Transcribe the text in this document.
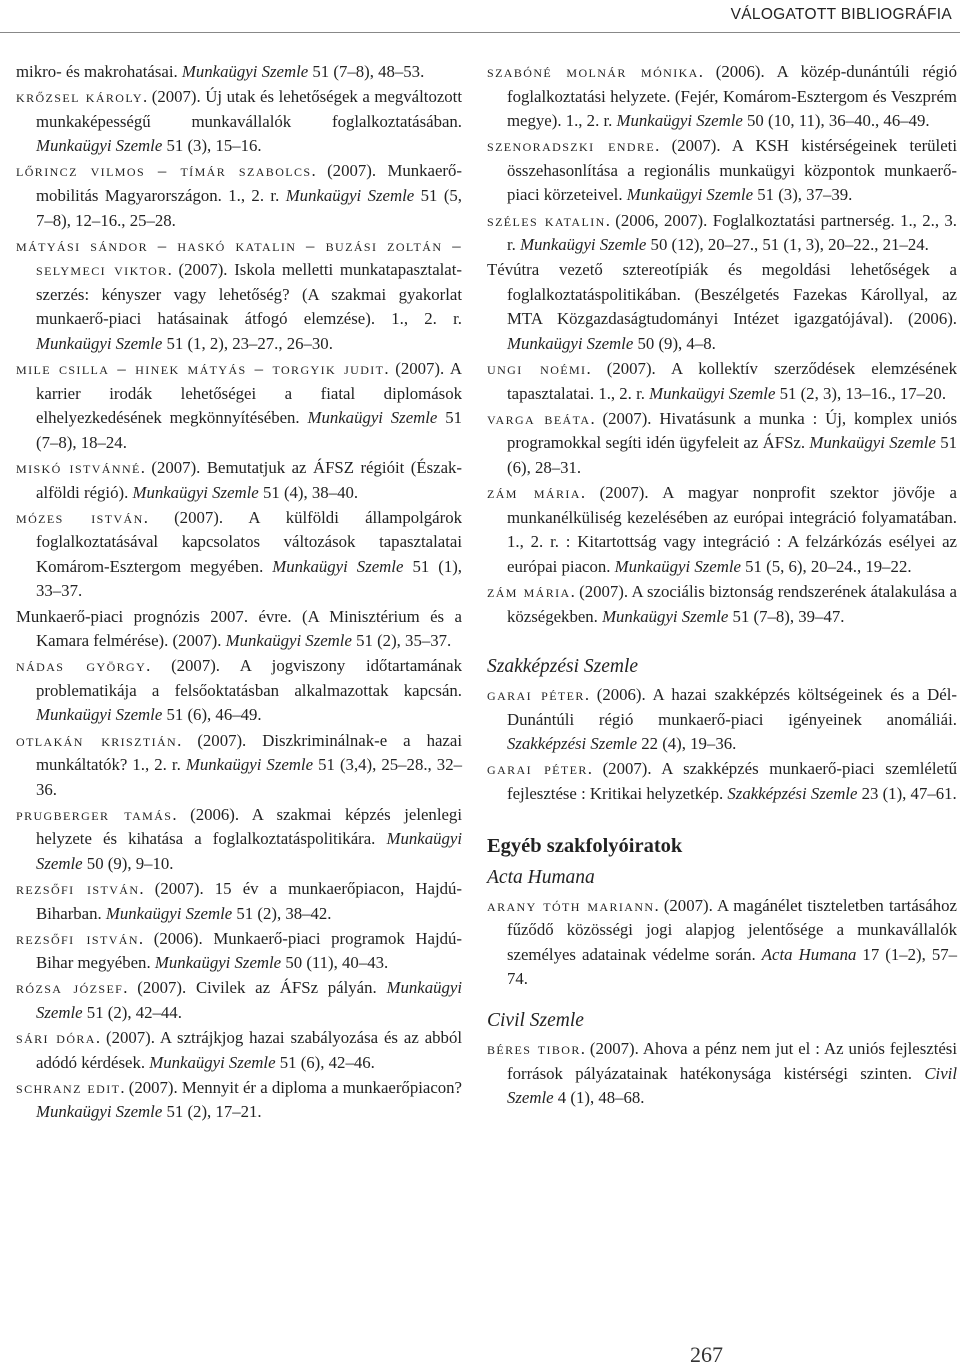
VÁLOGATOTT BIBLIOGRÁFIA

mikro- és makrohatásai. Munkaügyi Szemle 51 (7–8), 48–53.

krőzsel károly. (2007). Új utak és lehetőségek a megváltozott munkaképességű munkavállalók foglalkoztatásában. Munkaügyi Szemle 51 (3), 15–16.

lőrincz vilmos – tímár szabolcs. (2007). Munkaerő-mobilitás Magyarországon. 1., 2. r. Munkaügyi Szemle 51 (5, 7–8), 12–16., 25–28.

mátyási sándor – haskó katalin – buzási zoltán – selymeci viktor. (2007). Iskola melletti munkatapasztalat-szerzés: kényszer vagy lehetőség? (A szakmai gyakorlat munkaerő-piaci hatásainak átfogó elemzése). 1., 2. r. Munkaügyi Szemle 51 (1, 2), 23–27., 26–30.

mile csilla – hinek mátyás – torgyik judit. (2007). A karrier irodák lehetőségei a fiatal diplomások elhelyezkedésének megkönnyítésében. Munkaügyi Szemle 51 (7–8), 18–24.

miskó istvánné. (2007). Bemutatjuk az ÁFSZ régióit (Észak-alföldi régió). Munkaügyi Szemle 51 (4), 38–40.

mózes istván. (2007). A külföldi állampolgárok foglalkoztatásával kapcsolatos változások tapasztalatai Komárom-Esztergom megyében. Munkaügyi Szemle 51 (1), 33–37.

Munkaerő-piaci prognózis 2007. évre. (A Minisztérium és a Kamara felmérése). (2007). Munkaügyi Szemle 51 (2), 35–37.

nádas györgy. (2007). A jogviszony időtartamának problematikája a felsőoktatásban alkalmazottak kapcsán. Munkaügyi Szemle 51 (6), 46–49.

otlakán krisztián. (2007). Diszkriminálnak-e a hazai munkáltatók? 1., 2. r. Munkaügyi Szemle 51 (3,4), 25–28., 32–36.

prugberger tamás. (2006). A szakmai képzés jelenlegi helyzete és kihatása a foglalkoztatáspolitikára. Munkaügyi Szemle 50 (9), 9–10.

rezsőfi istván. (2007). 15 év a munkaerőpiacon, Hajdú-Biharban. Munkaügyi Szemle 51 (2), 38–42.

rezsőfi istván. (2006). Munkaerő-piaci programok Hajdú-Bihar megyében. Munkaügyi Szemle 50 (11), 40–43.

rózsa józsef. (2007). Civilek az ÁFSz pályán. Munkaügyi Szemle 51 (2), 42–44.

sári dóra. (2007). A sztrájkjog hazai szabályozása és az abból adódó kérdések. Munkaügyi Szemle 51 (6), 42–46.

schranz edit. (2007). Mennyit ér a diploma a munkaerőpiacon? Munkaügyi Szemle 51 (2), 17–21.

szabóné molnár mónika. (2006). A közép-dunántúli régió foglalkoztatási helyzete. (Fejér, Komárom-Esztergom és Veszprém megye). 1., 2. r. Munkaügyi Szemle 50 (10, 11), 36–40., 46–49.

szenoradszki endre. (2007). A KSH kistérségeinek területi összehasonlítása a regionális munkaügyi központok munkaerő-piaci körzeteivel. Munkaügyi Szemle 51 (3), 37–39.

széles katalin. (2006, 2007). Foglalkoztatási partnerség. 1., 2., 3. r. Munkaügyi Szemle 50 (12), 20–27., 51 (1, 3), 20–22., 21–24.

Tévútra vezető sztereotípiák és megoldási lehetőségek a foglalkoztatáspolitikában. (Beszélgetés Fazekas Károllyal, az MTA Közgazdaságtudományi Intézet igazgatójával). (2006). Munkaügyi Szemle 50 (9), 4–8.

ungi noémi. (2007). A kollektív szerződések elemzésének tapasztalatai. 1., 2. r. Munkaügyi Szemle 51 (2, 3), 13–16., 17–20.

varga beáta. (2007). Hivatásunk a munka : Új, komplex uniós programokkal segíti idén ügyfeleit az ÁFSz. Munkaügyi Szemle 51 (6), 28–31.

zám mária. (2007). A magyar nonprofit szektor jövője a munkanélküliség kezelésében az európai integráció folyamatában. 1., 2. r. : Kitartottság vagy integráció : A felzárkózás esélyei az európai piacon. Munkaügyi Szemle 51 (5, 6), 20–24., 19–22.

zám mária. (2007). A szociális biztonság rendszerének átalakulása a községekben. Munkaügyi Szemle 51 (7–8), 39–47.

Szakképzési Szemle

garai péter. (2006). A hazai szakképzés költségeinek és a Dél-Dunántúli régió munkaerő-piaci igényeinek anomáliái. Szakképzési Szemle 22 (4), 19–36.

garai péter. (2007). A szakképzés munkaerő-piaci szemléletű fejlesztése : Kritikai helyzetkép. Szakképzési Szemle 23 (1), 47–61.

Egyéb szakfolyóiratok
Acta Humana

arany tóth mariann. (2007). A magánélet tiszteletben tartásához fűződő közösségi jogi alapjog jelentősége a munkavállalók személyes adatainak védelme során. Acta Humana 17 (1–2), 57–74.

Civil Szemle

béres tibor. (2007). Ahova a pénz nem jut el : Az uniós fejlesztési források pályázatainak hatékonysága kistérségi szinten. Civil Szemle 4 (1), 48–68.

267
